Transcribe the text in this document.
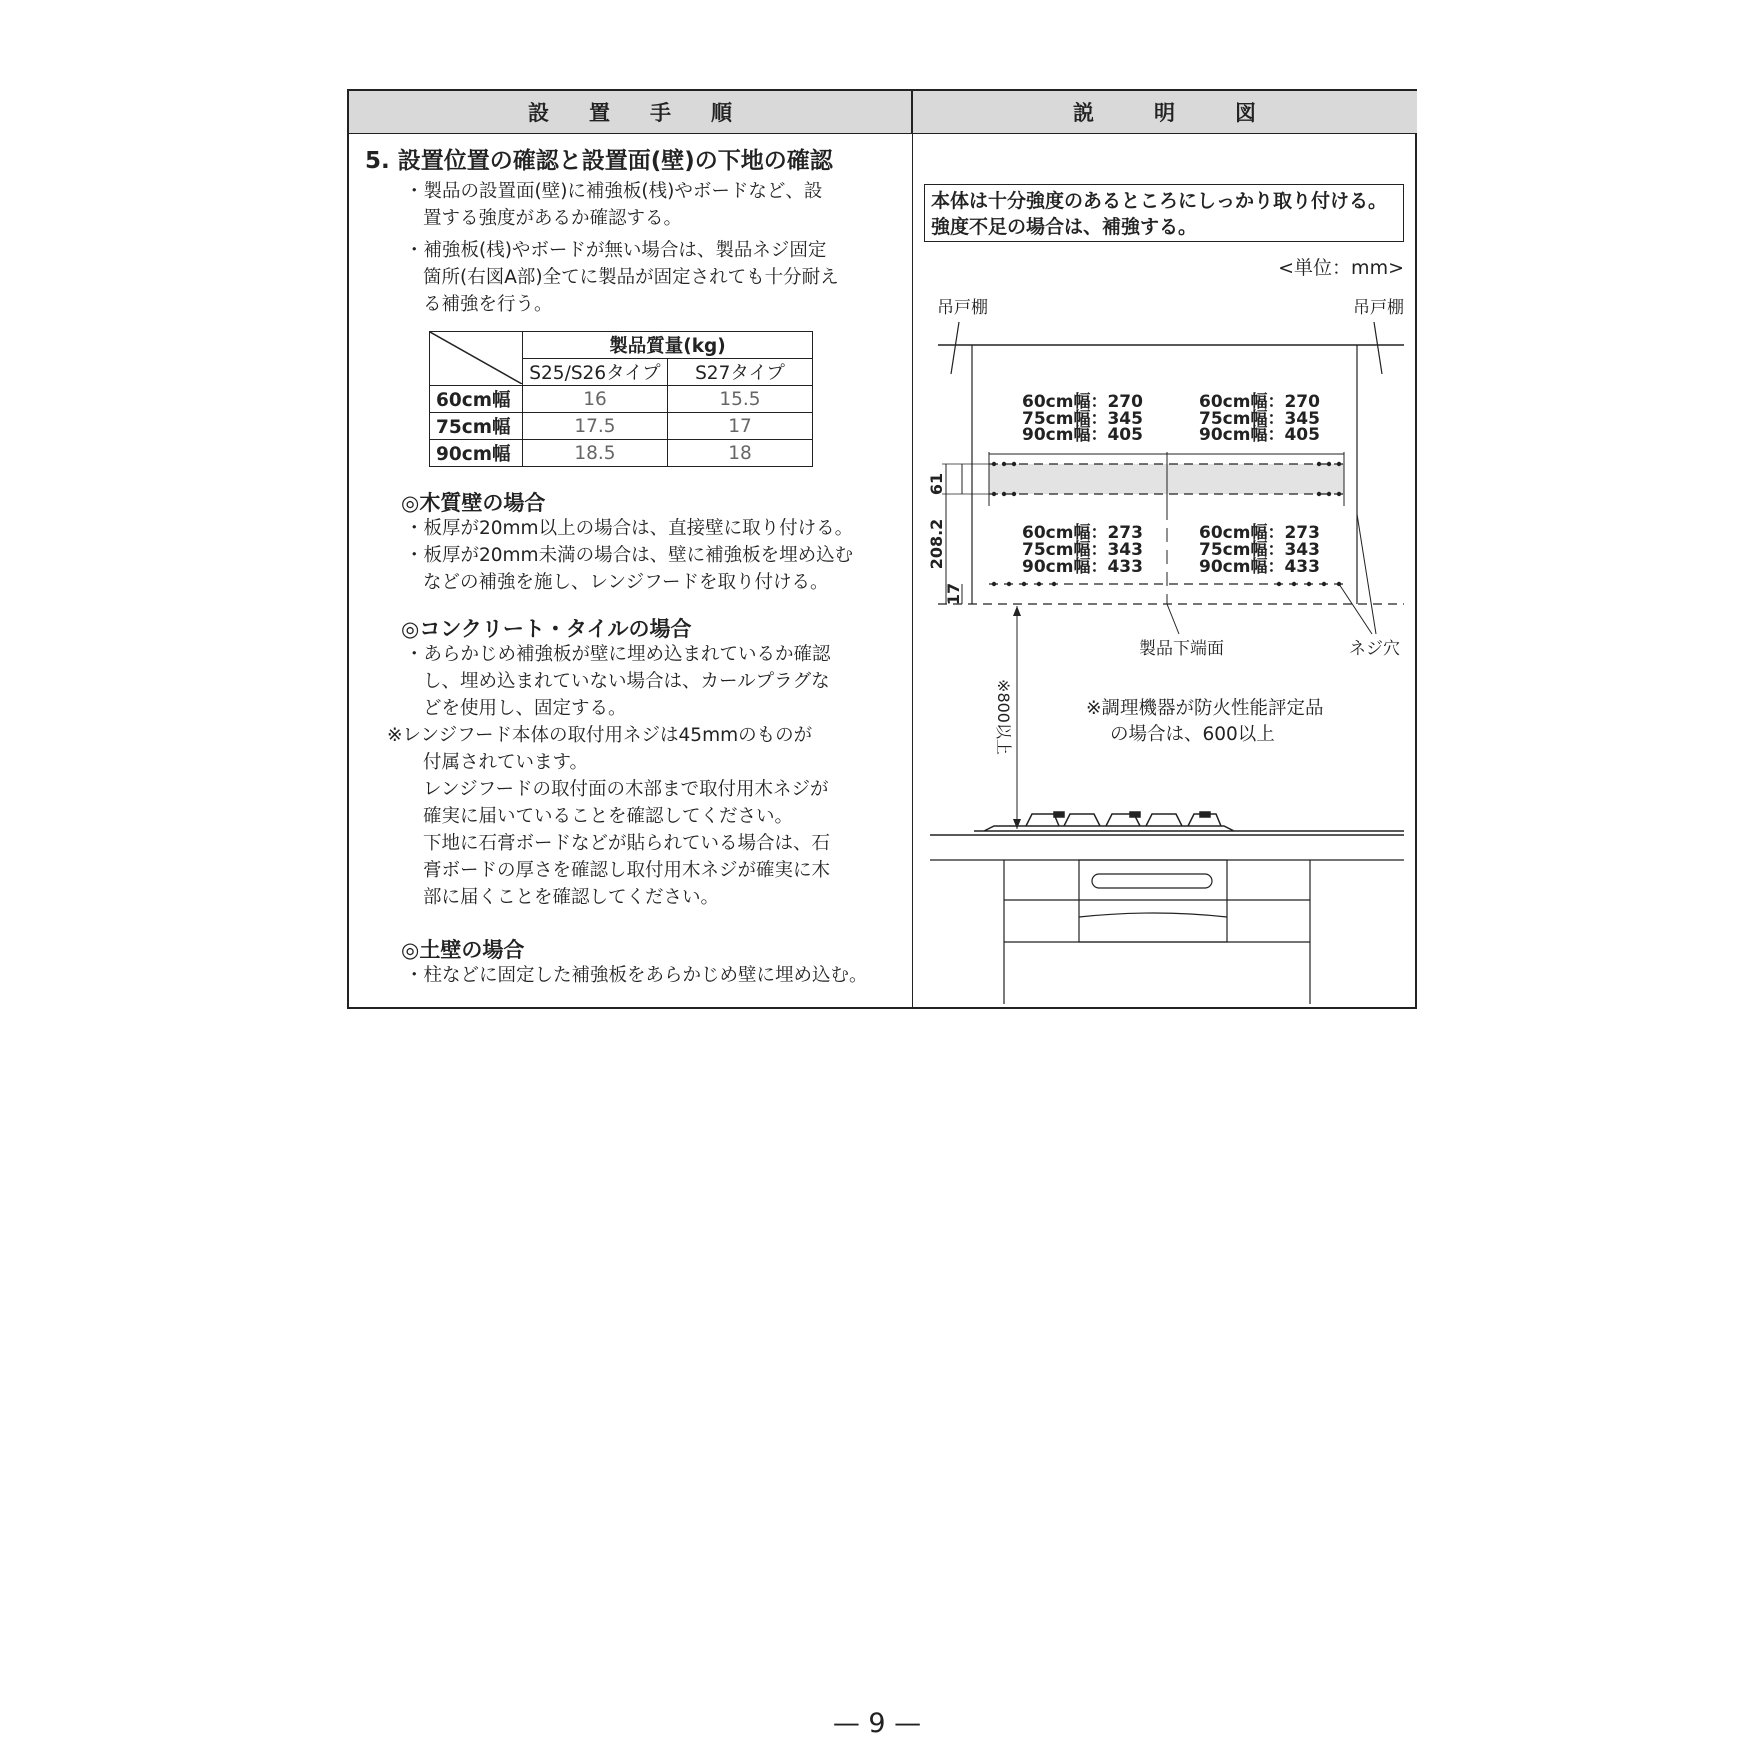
設 置 手 順	説	明	図
5. 設置位置の確認と設置面(壁)の下地の確認
・製品の設置面(壁)に補強板(桟)やボードなど、設
置する強度があるか確認する。
・補強板(桟)やボードが無い場合は、製品ネジ固定
箇所(右図A部)全てに製品が固定されても十分耐え
る補強を行う。
	製品質量(kg)	
	S25/S26タイプ	S27タイプ
60cm幅	16	15.5
75cm幅	17.5	17
90cm幅	18.5	18
◎木質壁の場合
・板厚が20mm以上の場合は、直接壁に取り付ける。
・板厚が20mm未満の場合は、壁に補強板を埋め込む
などの補強を施し、レンジフードを取り付ける。
◎コンクリート・タイルの場合
・あらかじめ補強板が壁に埋め込まれているか確認
し、埋め込まれていない場合は、カールプラグな
どを使用し、固定する。
※レンジフード本体の取付用ネジは45mmのものが
付属されています。
レンジフードの取付面の木部まで取付用木ネジが
確実に届いていることを確認してください。
下地に石膏ボードなどが貼られている場合は、石
膏ボードの厚さを確認し取付用木ネジが確実に木
部に届くことを確認してください。
◎土壁の場合
・柱などに固定した補強板をあらかじめ壁に埋め込む。
本体は十分強度のあるところにしっかり取り付ける。
強度不足の場合は、補強する。
<単位：mm>
吊戸棚	吊戸棚
60cm幅：270
75cm幅：345
90cm幅：405
60cm幅：270
75cm幅：345
90cm幅：405
61
208.2
17
60cm幅：273
75cm幅：343
90cm幅：433
60cm幅：273
75cm幅：343
90cm幅：433
製品下端面	ネジ穴
※800以上	※調理機器が防火性能評定品
の場合は、600以上
— 9 —
